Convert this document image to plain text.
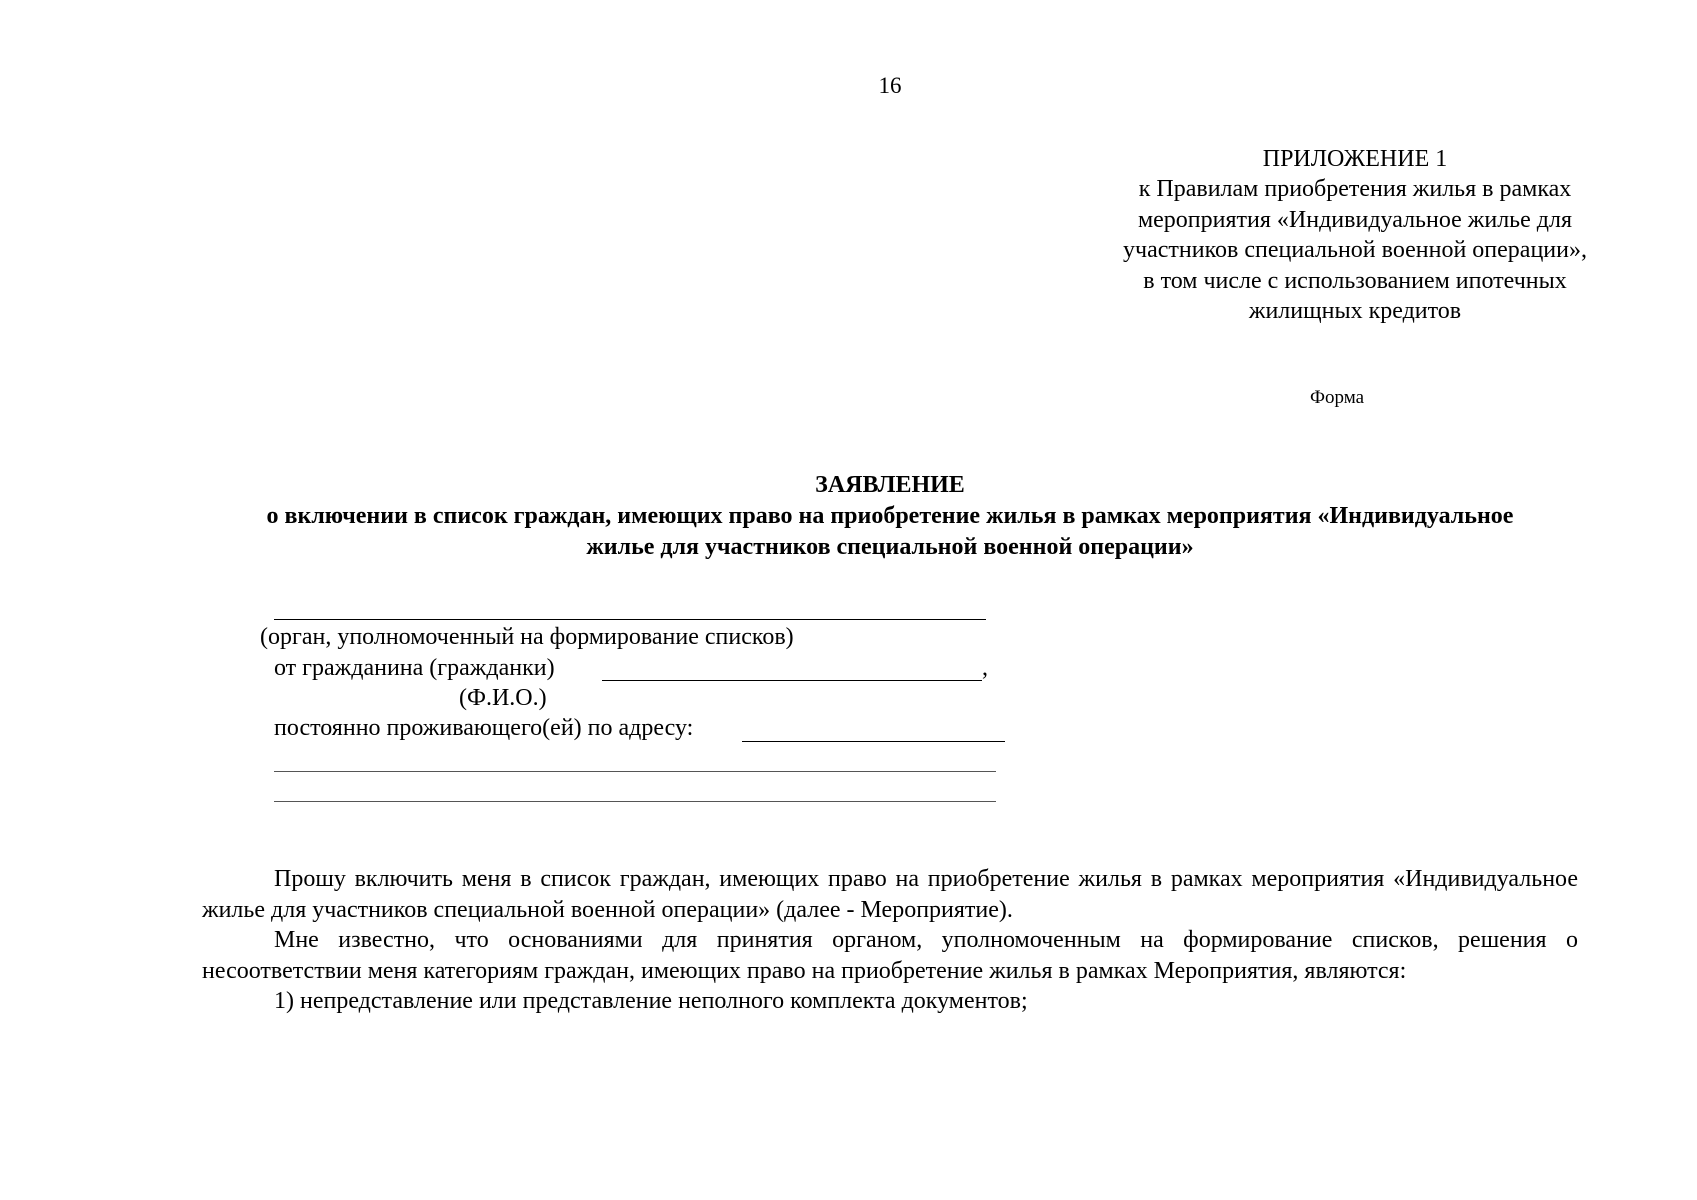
16
ПРИЛОЖЕНИЕ 1
к Правилам приобретения жилья в рамках мероприятия «Индивидуальное жилье для участников специальной военной операции», в том числе с использованием ипотечных жилищных кредитов
Форма
ЗАЯВЛЕНИЕ
о включении в список граждан, имеющих право на приобретение жилья в рамках мероприятия «Индивидуальное
жилье для участников специальной военной операции»
(орган, уполномоченный на формирование списков)
от гражданина (гражданки)	,
(Ф.И.О.)
постоянно проживающего(ей) по адресу:

Прошу включить меня в список граждан, имеющих право на приобретение жилья в рамках мероприятия «Индивидуальное жилье для участников специальной военной операции» (далее - Мероприятие).

Мне известно, что основаниями для принятия органом, уполномоченным на формирование списков, решения о несоответствии меня категориям граждан, имеющих право на приобретение жилья в рамках Мероприятия, являются:

1) непредставление или представление неполного комплекта документов;
